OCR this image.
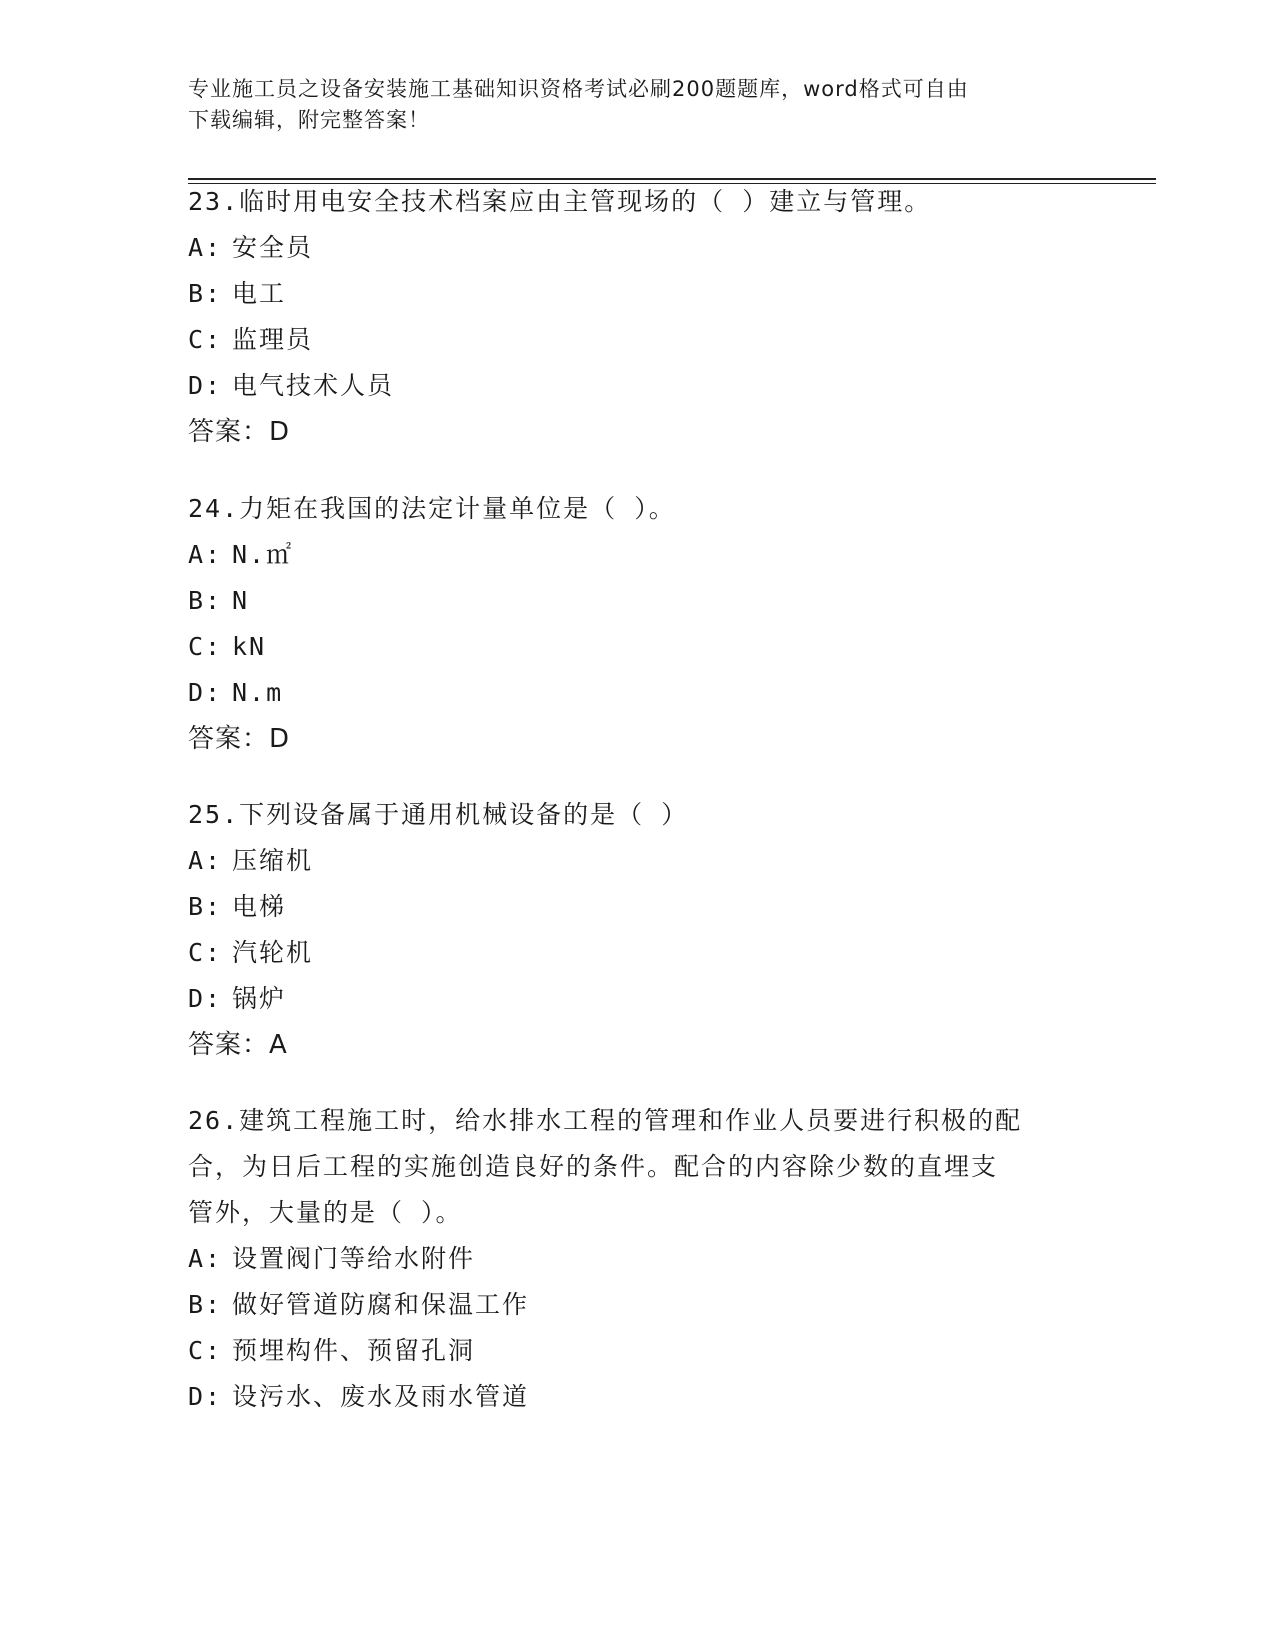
专业施工员之设备安装施工基础知识资格考试必刷200题题库，word格式可自由
下载编辑，附完整答案！
23.临时用电安全技术档案应由主管现场的（ ）建立与管理。
A: 安全员
B: 电工
C: 监理员
D: 电气技术人员
答案：D
24.力矩在我国的法定计量单位是（ ）。
A: N.㎡
B: N
C: kN
D: N.m
答案：D
25.下列设备属于通用机械设备的是（ ）
A: 压缩机
B: 电梯
C: 汽轮机
D: 锅炉
答案：A
26.建筑工程施工时，给水排水工程的管理和作业人员要进行积极的配
合，为日后工程的实施创造良好的条件。配合的内容除少数的直埋支
管外，大量的是（ ）。
A: 设置阀门等给水附件
B: 做好管道防腐和保温工作
C: 预埋构件、预留孔洞
D: 设污水、废水及雨水管道
